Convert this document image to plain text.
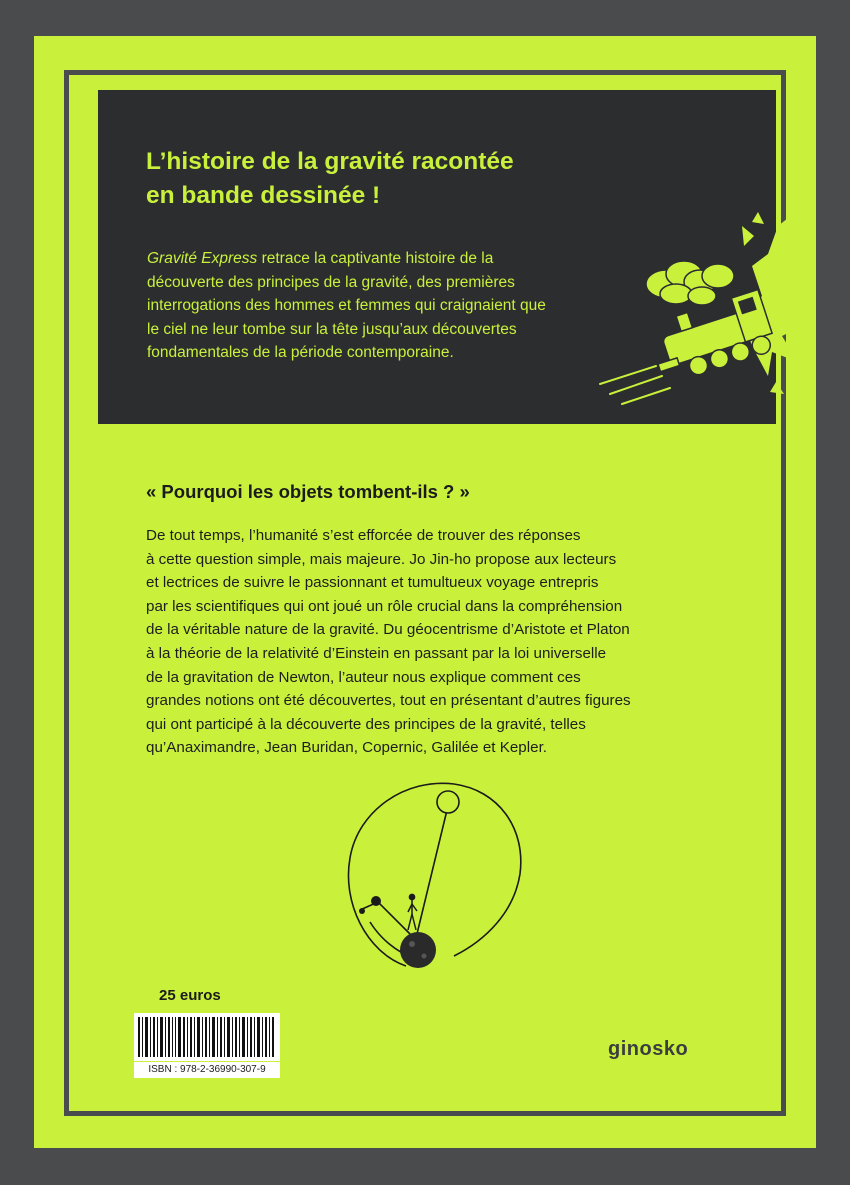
L’histoire de la gravité racontée
en bande dessinée !
Gravité Express retrace la captivante histoire de la
découverte des principes de la gravité, des premières
interrogations des hommes et femmes qui craignaient que
le ciel ne leur tombe sur la tête jusqu’aux découvertes
fondamentales de la période contemporaine.
« Pourquoi les objets tombent-ils ? »
De tout temps, l’humanité s’est efforcée de trouver des réponses
à cette question simple, mais majeure. Jo Jin-ho propose aux lecteurs
et lectrices de suivre le passionnant et tumultueux voyage entrepris
par les scientifiques qui ont joué un rôle crucial dans la compréhension
de la véritable nature de la gravité. Du géocentrisme d’Aristote et Platon
à la théorie de la relativité d’Einstein en passant par la loi universelle
de la gravitation de Newton, l’auteur nous explique comment ces
grandes notions ont été découvertes, tout en présentant d’autres figures
qui ont participé à la découverte des principes de la gravité, telles
qu’Anaximandre, Jean Buridan, Copernic, Galilée et Kepler.
25 euros
ISBN : 978-2-36990-307-9
ginosko
